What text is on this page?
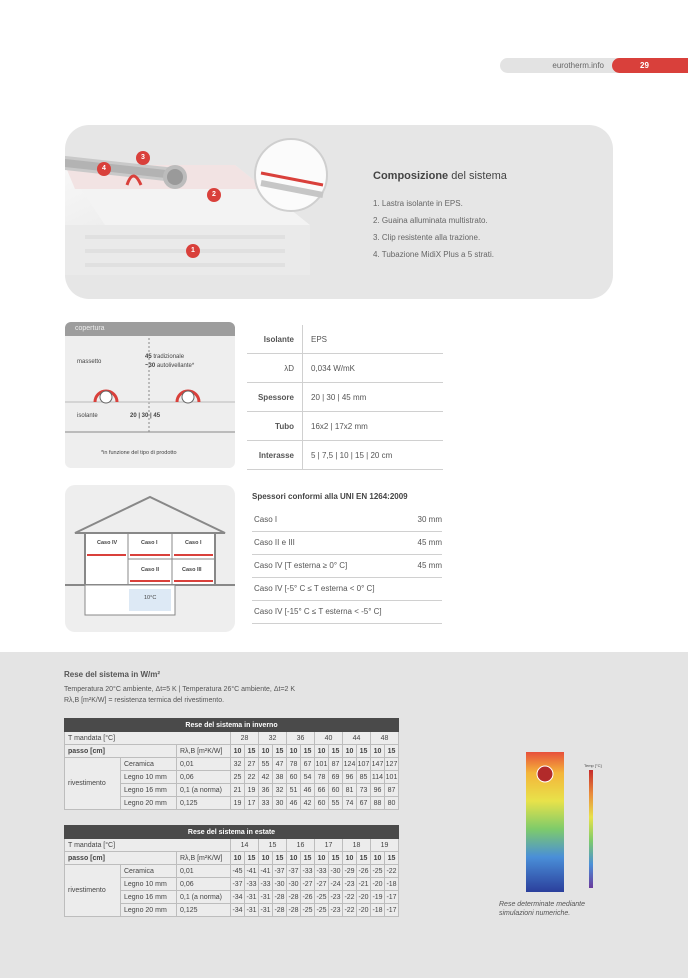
eurotherm.info	29
1
2
3
4
Composizione del sistema
1. Lastra isolante in EPS.
2. Guaina alluminata multistrato.
3. Clip resistente alla trazione.
4. Tubazione MidiX Plus a 5 strati.
copertura
massetto
45 tradizionale
~30 autolivellante*
isolante	20 | 30 | 45
*in funzione del tipo di prodotto
Isolante	EPS
λD	0,034 W/mK
Spessore	20 | 30 | 45 mm
Tubo	16x2 | 17x2 mm
Interasse	5 | 7,5 | 10 | 15 | 20 cm
Caso IV	Caso I	Caso I
Caso II	Caso III
10°C
Spessori conformi alla UNI EN 1264:2009
Caso I	30 mm
Caso II e III	45 mm
Caso IV [T esterna ≥ 0° C]	45 mm
Caso IV [-5° C ≤ T esterna < 0° C]
Caso IV [-15° C ≤ T esterna < -5° C]
Rese del sistema in W/m²
Temperatura 20°C ambiente, Δt=5 K | Temperatura 26°C ambiente, Δt=2 K
Rλ,B [m²K/W] = resistenza termica del rivestimento.
Rese del sistema in inverno														
T mandata [°C]			28		32		36		40		44		48	
passo [cm]		Rλ,B [m²K/W]	10	15	10	15	10	15	10	15	10	15	10	15
rivestimento	Ceramica	0,01	32	27	55	47	78	67	101	87	124	107	147	127
	Legno 10 mm	0,06	25	22	42	38	60	54	78	69	96	85	114	101
	Legno 16 mm	0,1 (a norma)	21	19	36	32	51	46	66	60	81	73	96	87
	Legno 20 mm	0,125	19	17	33	30	46	42	60	55	74	67	88	80
Rese del sistema in estate														
T mandata [°C]			14		15		16		17		18		19	
passo [cm]		Rλ,B [m²K/W]	10	15	10	15	10	15	10	15	10	15	10	15
rivestimento	Ceramica	0,01	-45	-41	-41	-37	-37	-33	-33	-30	-29	-26	-25	-22
	Legno 10 mm	0,06	-37	-33	-33	-30	-30	-27	-27	-24	-23	-21	-20	-18
	Legno 16 mm	0,1 (a norma)	-34	-31	-31	-28	-28	-26	-25	-23	-22	-20	-19	-17
	Legno 20 mm	0,125	-34	-31	-31	-28	-28	-25	-25	-23	-22	-20	-18	-17
Temp [°C]
Rese determinate mediante
simulazioni numeriche.
